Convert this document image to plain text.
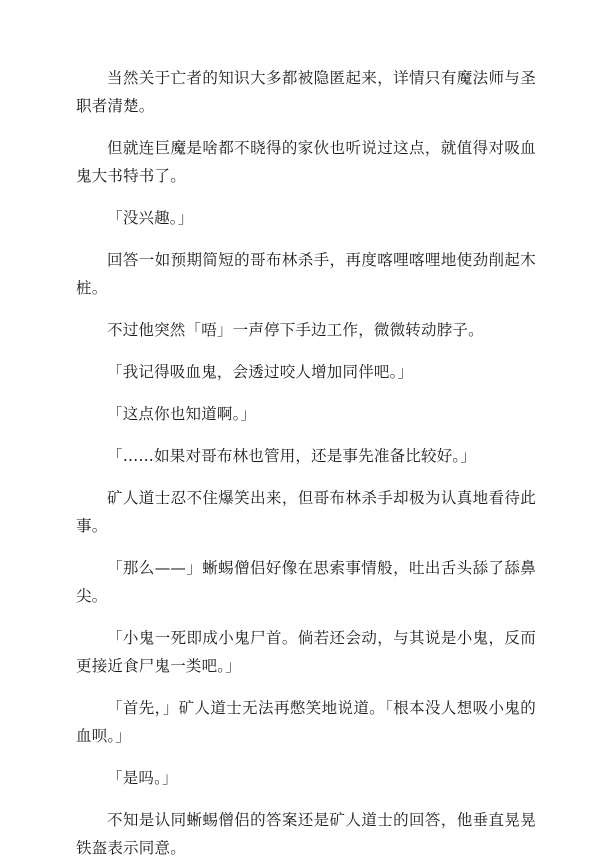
当然关于亡者的知识大多都被隐匿起来，详情只有魔法师与圣职者清楚。

但就连巨魔是啥都不晓得的家伙也听说过这点，就值得对吸血鬼大书特书了。

「没兴趣。」

回答一如预期简短的哥布林杀手，再度喀哩喀哩地使劲削起木桩。

不过他突然「唔」一声停下手边工作，微微转动脖子。

「我记得吸血鬼，会透过咬人增加同伴吧。」

「这点你也知道啊。」

「……如果对哥布林也管用，还是事先准备比较好。」

矿人道士忍不住爆笑出来，但哥布林杀手却极为认真地看待此事。

「那么——」蜥蜴僧侣好像在思索事情般，吐出舌头舔了舔鼻尖。

「小鬼一死即成小鬼尸首。倘若还会动，与其说是小鬼，反而更接近食尸鬼一类吧。」

「首先，」矿人道士无法再憋笑地说道。「根本没人想吸小鬼的血呗。」

「是吗。」

不知是认同蜥蜴僧侣的答案还是矿人道士的回答，他垂直晃晃铁盔表示同意。
